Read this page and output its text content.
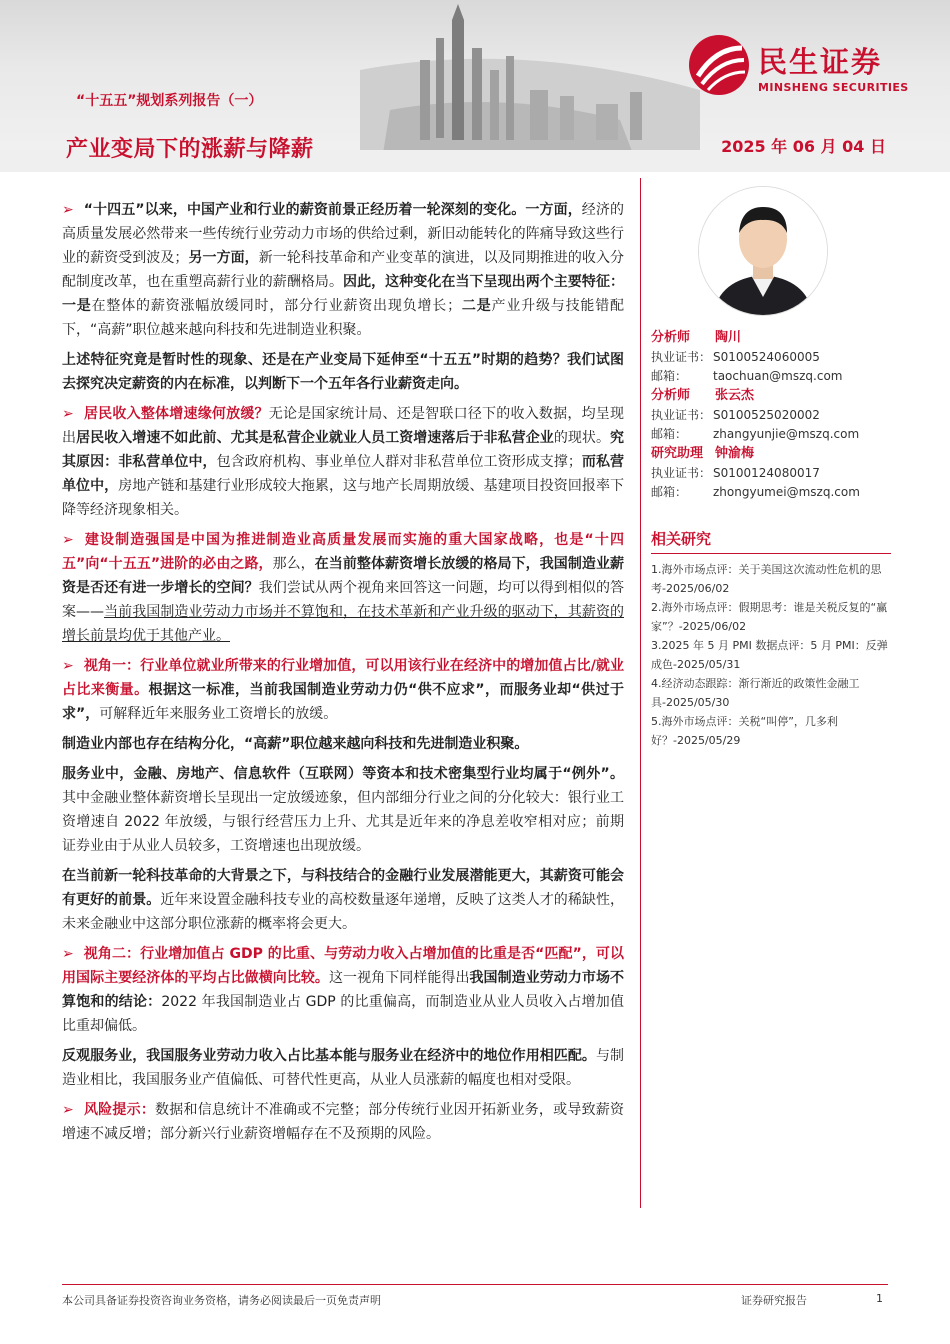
“十五五”规划系列报告（一）
产业变局下的涨薪与降薪	2025 年 06 月 04 日
民生证券
MINSHENG SECURITIES

➢ “十四五”以来，中国产业和行业的薪资前景正经历着一轮深刻的变化。一方面，经济的高质量发展必然带来一些传统行业劳动力市场的供给过剩，新旧动能转化的阵痛导致这些行业的薪资受到波及；另一方面，新一轮科技革命和产业变革的演进，以及同期推进的收入分配制度改革，也在重塑高薪行业的薪酬格局。因此，这种变化在当下呈现出两个主要特征：一是在整体的薪资涨幅放缓同时，部分行业薪资出现负增长；二是产业升级与技能错配下，“高薪”职位越来越向科技和先进制造业积聚。

上述特征究竟是暂时性的现象、还是在产业变局下延伸至“十五五”时期的趋势？我们试图去探究决定薪资的内在标准，以判断下一个五年各行业薪资走向。

➢ 居民收入整体增速缘何放缓？无论是国家统计局、还是智联口径下的收入数据，均呈现出居民收入增速不如此前、尤其是私营企业就业人员工资增速落后于非私营企业的现状。究其原因：非私营单位中，包含政府机构、事业单位人群对非私营单位工资形成支撑；而私营单位中，房地产链和基建行业形成较大拖累，这与地产长周期放缓、基建项目投资回报率下降等经济现象相关。

➢ 建设制造强国是中国为推进制造业高质量发展而实施的重大国家战略，也是“十四五”向“十五五”进阶的必由之路，那么，在当前整体薪资增长放缓的格局下，我国制造业薪资是否还有进一步增长的空间？我们尝试从两个视角来回答这一问题，均可以得到相似的答案——当前我国制造业劳动力市场并不算饱和，在技术革新和产业升级的驱动下，其薪资的增长前景均优于其他产业。

➢ 视角一：行业单位就业所带来的行业增加值，可以用该行业在经济中的增加值占比/就业占比来衡量。根据这一标准，当前我国制造业劳动力仍“供不应求”，而服务业却“供过于求”，可解释近年来服务业工资增长的放缓。

制造业内部也存在结构分化，“高薪”职位越来越向科技和先进制造业积聚。

服务业中，金融、房地产、信息软件（互联网）等资本和技术密集型行业均属于“例外”。其中金融业整体薪资增长呈现出一定放缓迹象，但内部细分行业之间的分化较大：银行业工资增速自 2022 年放缓，与银行经营压力上升、尤其是近年来的净息差收窄相对应；前期证券业由于从业人员较多，工资增速也出现放缓。

在当前新一轮科技革命的大背景之下，与科技结合的金融行业发展潜能更大，其薪资可能会有更好的前景。近年来设置金融科技专业的高校数量逐年递增，反映了这类人才的稀缺性，未来金融业中这部分职位涨薪的概率将会更大。

➢ 视角二：行业增加值占 GDP 的比重、与劳动力收入占增加值的比重是否“匹配”，可以用国际主要经济体的平均占比做横向比较。这一视角下同样能得出我国制造业劳动力市场不算饱和的结论：2022 年我国制造业占 GDP 的比重偏高，而制造业从业人员收入占增加值比重却偏低。

反观服务业，我国服务业劳动力收入占比基本能与服务业在经济中的地位作用相匹配。与制造业相比，我国服务业产值偏低、可替代性更高，从业人员涨薪的幅度也相对受限。

➢ 风险提示：数据和信息统计不准确或不完整；部分传统行业因开拓新业务，或导致薪资增速不减反增；部分新兴行业薪资增幅存在不及预期的风险。

分析师	陶川
执业证书： S0100524060005
邮箱：	taochuan@mszq.com
分析师	张云杰
执业证书： S0100525020002
邮箱：	zhangyunjie@mszq.com
研究助理 钟渝梅
执业证书： S0100124080017
邮箱：	zhongyumei@mszq.com
相关研究
1.海外市场点评：关于美国这次流动性危机的思考-2025/06/02
2.海外市场点评：假期思考：谁是关税反复的“赢家”？-2025/06/02
3.2025 年 5 月 PMI 数据点评：5 月 PMI：反弹成色-2025/05/31
4.经济动态跟踪：渐行渐近的政策性金融工具-2025/05/30
5.海外市场点评：关税“叫停”，几多利好？-2025/05/29
本公司具备证券投资咨询业务资格，请务必阅读最后一页免责声明	证券研究报告	1
